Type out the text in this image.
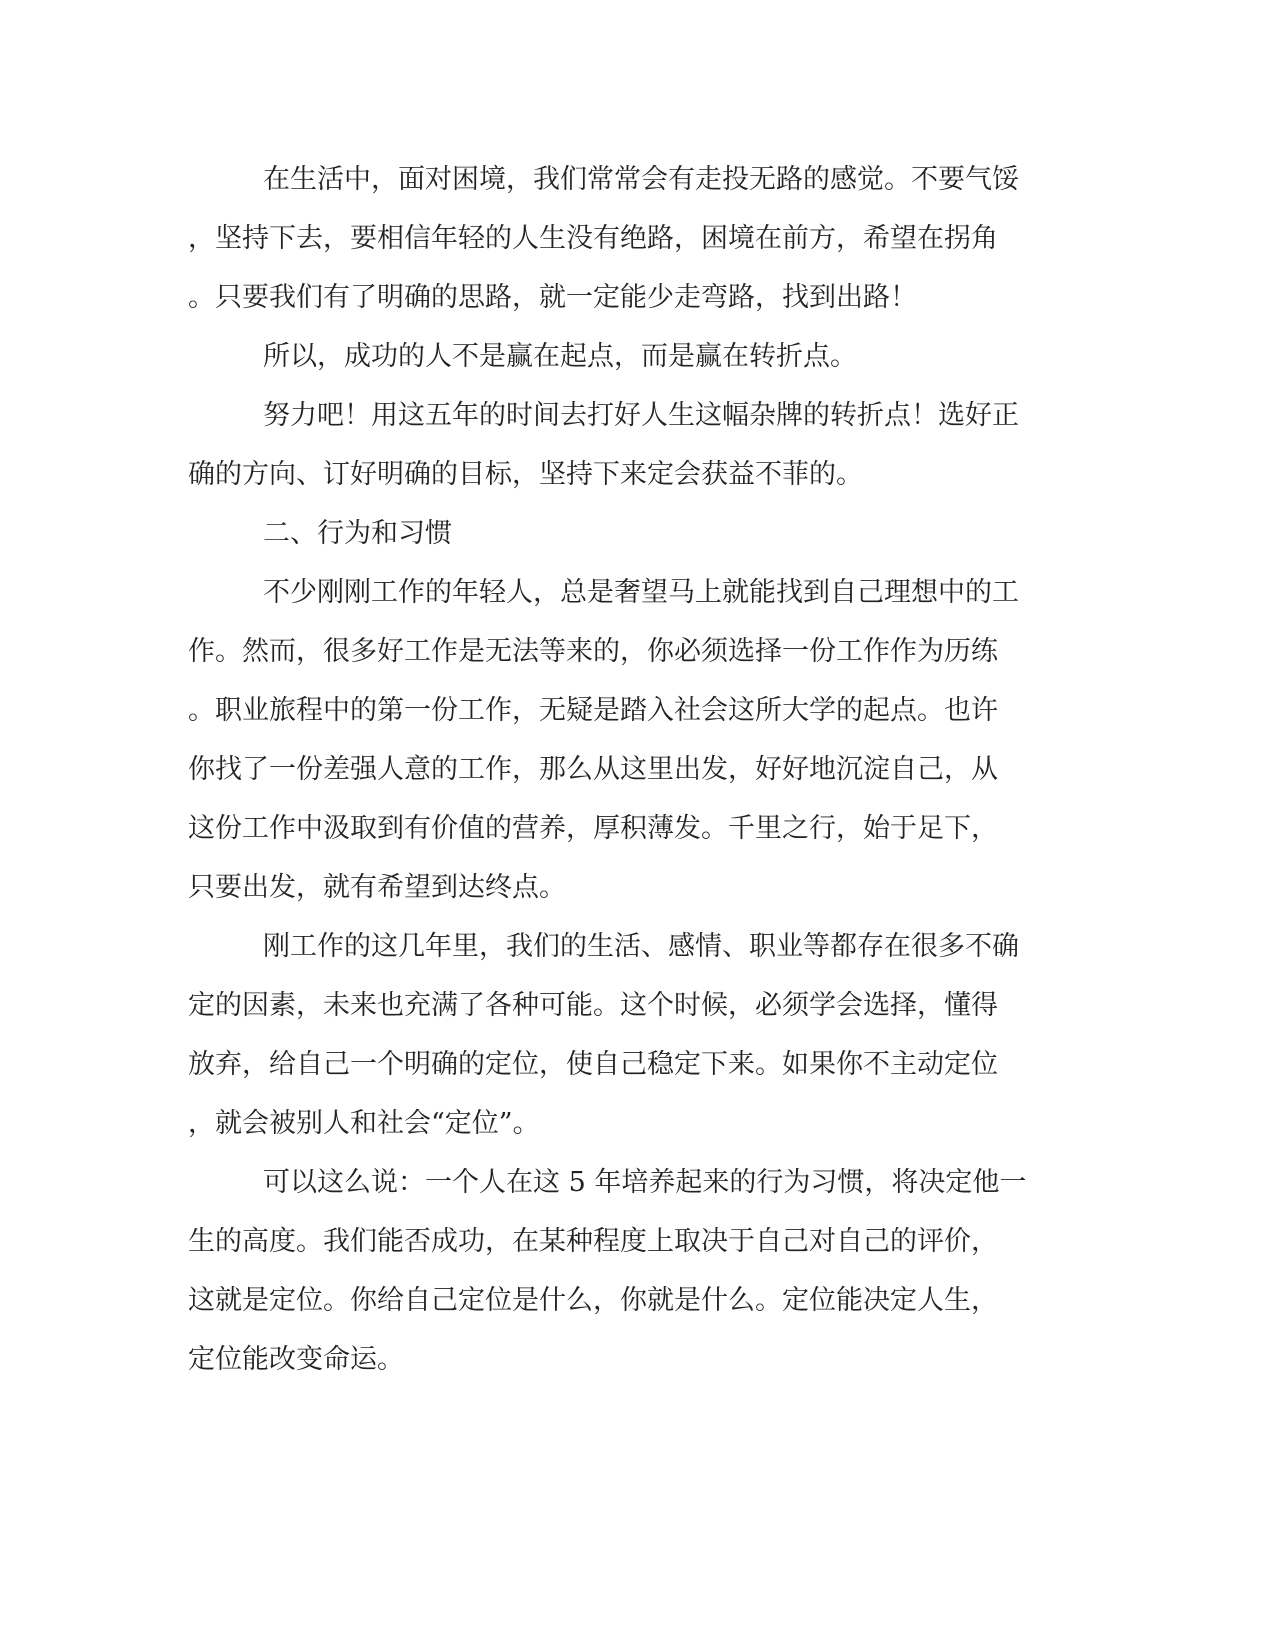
在生活中，面对困境，我们常常会有走投无路的感觉。不要气馁
，坚持下去，要相信年轻的人生没有绝路，困境在前方，希望在拐角
。只要我们有了明确的思路，就一定能少走弯路，找到出路！
所以，成功的人不是赢在起点，而是赢在转折点。
努力吧！用这五年的时间去打好人生这幅杂牌的转折点！选好正
确的方向、订好明确的目标，坚持下来定会获益不菲的。
二、行为和习惯
不少刚刚工作的年轻人，总是奢望马上就能找到自己理想中的工
作。然而，很多好工作是无法等来的，你必须选择一份工作作为历练
。职业旅程中的第一份工作，无疑是踏入社会这所大学的起点。也许
你找了一份差强人意的工作，那么从这里出发，好好地沉淀自己，从
这份工作中汲取到有价值的营养，厚积薄发。千里之行，始于足下，
只要出发，就有希望到达终点。
刚工作的这几年里，我们的生活、感情、职业等都存在很多不确
定的因素，未来也充满了各种可能。这个时候，必须学会选择，懂得
放弃，给自己一个明确的定位，使自己稳定下来。如果你不主动定位
，就会被别人和社会“定位”。
可以这么说：一个人在这 5 年培养起来的行为习惯，将决定他一
生的高度。我们能否成功，在某种程度上取决于自己对自己的评价，
这就是定位。你给自己定位是什么，你就是什么。定位能决定人生，
定位能改变命运。
